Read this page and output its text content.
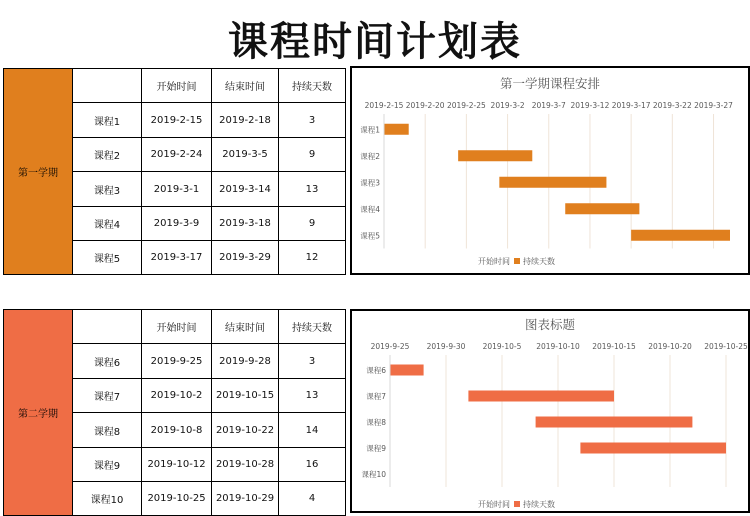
课程时间计划表
第一学期		开始时间	结束时间	持续天数
	课程1	2019-2-15	2019-2-18	3
	课程2	2019-2-24	2019-3-5	9
	课程3	2019-3-1	2019-3-14	13
	课程4	2019-3-9	2019-3-18	9
	课程5	2019-3-17	2019-3-29	12
第二学期		开始时间	结束时间	持续天数
	课程6	2019-9-25	2019-9-28	3
	课程7	2019-10-2	2019-10-15	13
	课程8	2019-10-8	2019-10-22	14
	课程9	2019-10-12	2019-10-28	16
	课程10	2019-10-25	2019-10-29	4
第一学期课程安排
2019-2-15 2019-2-20 2019-2-25 2019-3-2 2019-3-7 2019-3-12 2019-3-17 2019-3-22 2019-3-27
课程1
课程2
课程3
课程4
课程5
开始时间 持续天数
图表标题
2019-9-25 2019-9-30 2019-10-5 2019-10-10 2019-10-15 2019-10-20 2019-10-25
课程6
课程7
课程8
课程9
课程10
开始时间 持续天数
